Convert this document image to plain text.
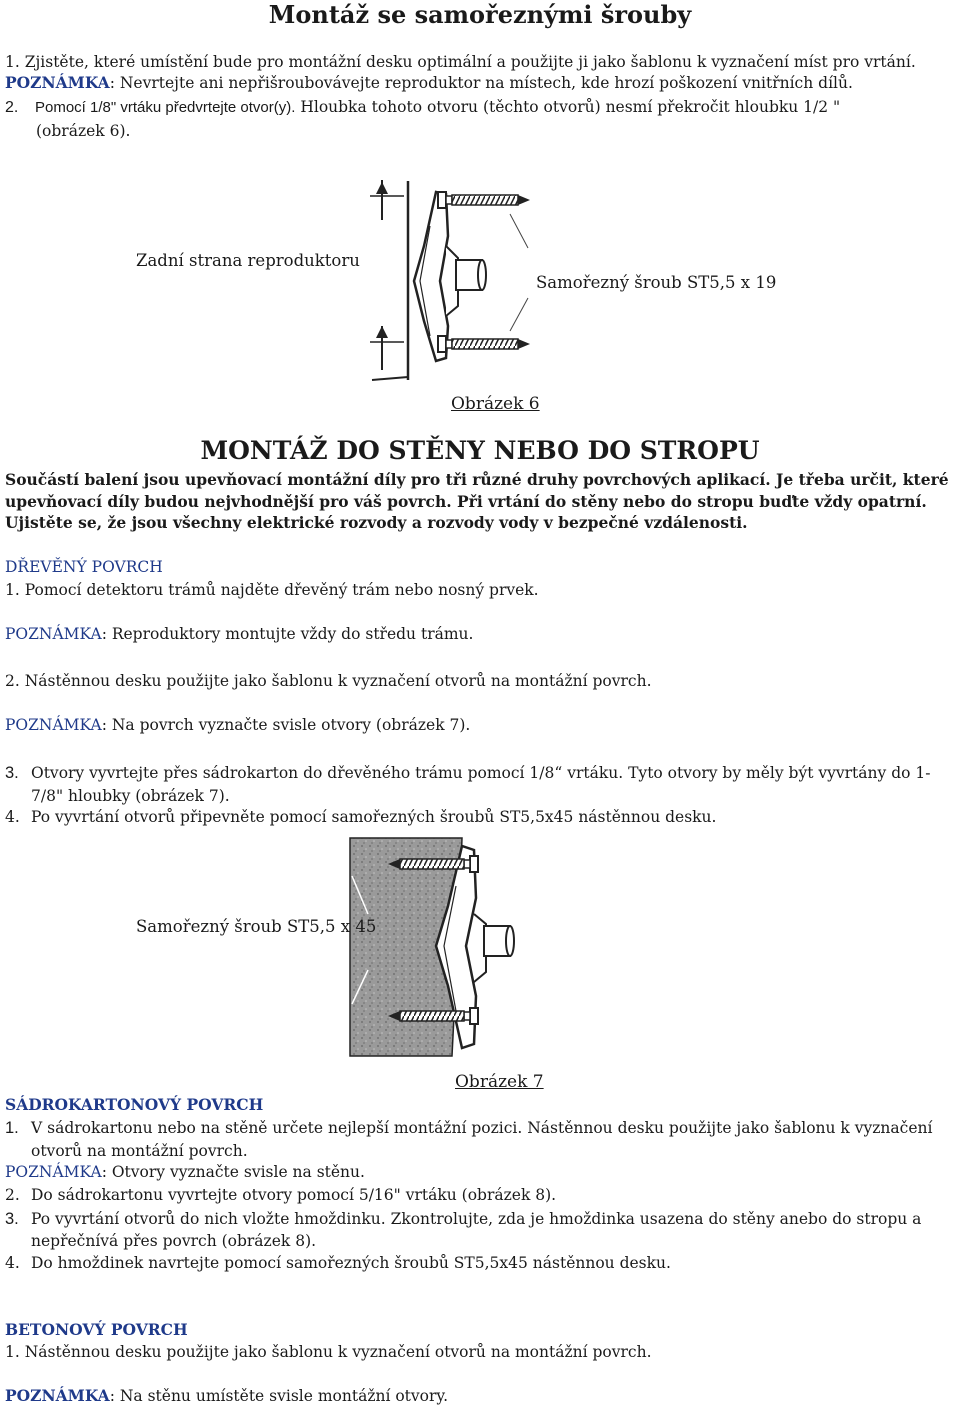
Montáž se samořeznými šrouby
1. Zjistěte, které umístění bude pro montážní desku optimální a použijte ji jako šablonu k vyznačení míst pro vrtání.
POZNÁMKA: Nevrtejte ani nepřišroubovávejte reproduktor na místech, kde hrozí poškození vnitřních dílů.
2. Pomocí 1/8" vrtáku předvrtejte otvor(y). Hloubka tohoto otvoru (těchto otvorů) nesmí překročit hloubku 1/2 "
(obrázek 6).
Zadní strana reproduktoru
Samořezný šroub ST5,5 x 19
Obrázek 6
MONTÁŽ DO STĚNY NEBO DO STROPU
Součástí balení jsou upevňovací montážní díly pro tři různé druhy povrchových aplikací. Je třeba určit, které
upevňovací díly budou nejvhodnější pro váš povrch. Při vrtání do stěny nebo do stropu buďte vždy opatrní.
Ujistěte se, že jsou všechny elektrické rozvody a rozvody vody v bezpečné vzdálenosti.
DŘEVĚNÝ POVRCH
1. Pomocí detektoru trámů najděte dřevěný trám nebo nosný prvek.
POZNÁMKA: Reproduktory montujte vždy do středu trámu.
2. Nástěnnou desku použijte jako šablonu k vyznačení otvorů na montážní povrch.
POZNÁMKA: Na povrch vyznačte svisle otvory (obrázek 7).
3. Otvory vyvrtejte přes sádrokarton do dřevěného trámu pomocí 1/8“ vrtáku. Tyto otvory by měly být vyvrtány do 1-
7/8" hloubky (obrázek 7).
4. Po vyvrtání otvorů připevněte pomocí samořezných šroubů ST5,5x45 nástěnnou desku.
Samořezný šroub ST5,5 x 45
Obrázek 7
SÁDROKARTONOVÝ POVRCH
1. V sádrokartonu nebo na stěně určete nejlepší montážní pozici. Nástěnnou desku použijte jako šablonu k vyznačení
otvorů na montážní povrch.
POZNÁMKA: Otvory vyznačte svisle na stěnu.
2. Do sádrokartonu vyvrtejte otvory pomocí 5/16" vrtáku (obrázek 8).
3. Po vyvrtání otvorů do nich vložte hmoždinku. Zkontrolujte, zda je hmoždinka usazena do stěny anebo do stropu a
nepřečnívá přes povrch (obrázek 8).
4. Do hmoždinek navrtejte pomocí samořezných šroubů ST5,5x45 nástěnnou desku.
BETONOVÝ POVRCH
1. Nástěnnou desku použijte jako šablonu k vyznačení otvorů na montážní povrch.
POZNÁMKA: Na stěnu umístěte svisle montážní otvory.
